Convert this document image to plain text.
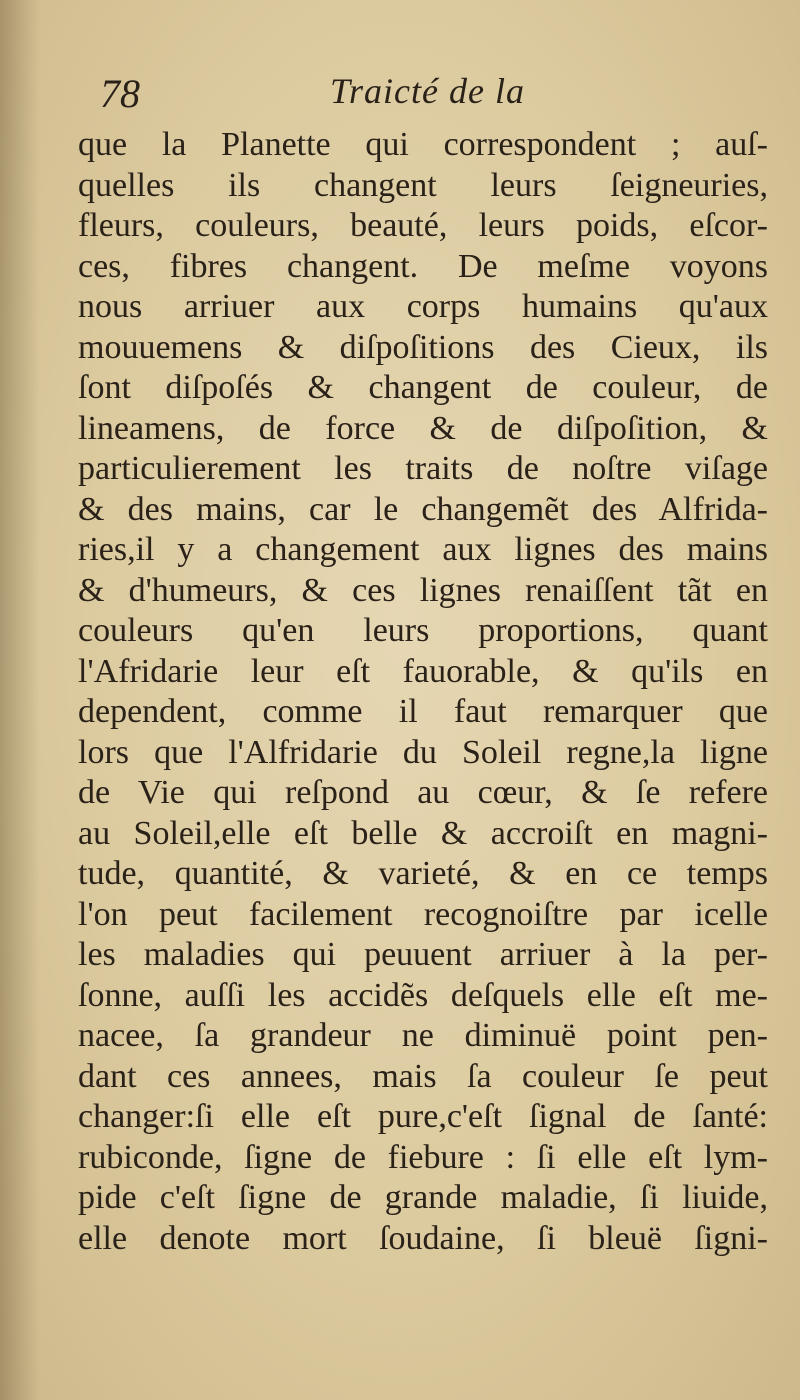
78	Traicté de la
que la Planette qui correspondent ; auſ-
quelles ils changent leurs ſeigneuries,
fleurs, couleurs, beauté, leurs poids, eſcor-
ces, fibres changent. De meſme voyons
nous arriuer aux corps humains qu'aux
mouuemens & diſpoſitions des Cieux, ils
ſont diſpoſés & changent de couleur, de
lineamens, de force & de diſpoſition, &
particulierement les traits de noſtre viſage
& des mains, car le changemẽt des Alfrida-
ries,il y a changement aux lignes des mains
& d'humeurs, & ces lignes renaiſſent tãt en
couleurs qu'en leurs proportions, quant
l'Afridarie leur eſt fauorable, & qu'ils en
dependent, comme il faut remarquer que
lors que l'Alfridarie du Soleil regne,la ligne
de Vie qui reſpond au cœur, & ſe refere
au Soleil,elle eſt belle & accroiſt en magni-
tude, quantité, & varieté, & en ce temps
l'on peut facilement recognoiſtre par icelle
les maladies qui peuuent arriuer à la per-
ſonne, auſſi les accidẽs deſquels elle eſt me-
nacee, ſa grandeur ne diminuë point pen-
dant ces annees, mais ſa couleur ſe peut
changer:ſi elle eſt pure,c'eſt ſignal de ſanté:
rubiconde, ſigne de fiebure : ſi elle eſt lym-
pide c'eſt ſigne de grande maladie, ſi liuide,
elle denote mort ſoudaine, ſi bleuë ſigni-
